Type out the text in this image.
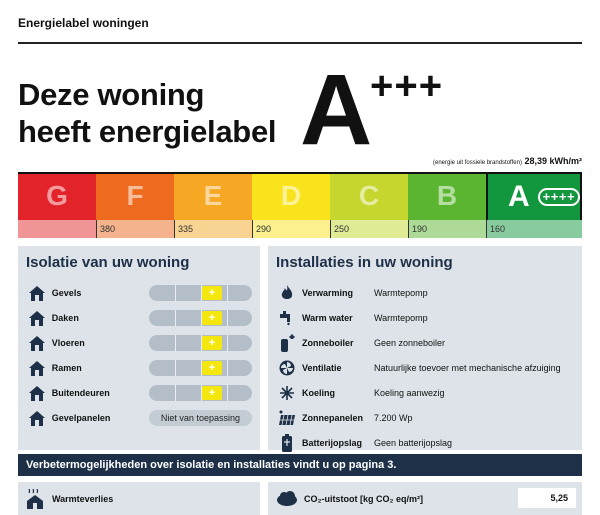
Energielabel woningen
Deze woning
heeft energielabel A +++
(energie uit fossiele brandstoffen) 28,39 kWh/m²
G	F
380
E
335
D
290
C
250
B
190
A	++++
160
Isolatie van uw woning
Gevels	+
Daken	+
Vloeren	+
Ramen	+
Buitendeuren	+
Gevelpanelen	Niet van toepassing
Installaties in uw woning
Verwarming	Warmtepomp
Warm water	Warmtepomp
Zonneboiler	Geen zonneboiler
Ventilatie	Natuurlijke toevoer met mechanische afzuiging
Koeling	Koeling aanwezig
Zonnepanelen	7.200 Wp
Batterijopslag	Geen batterijopslag
Verbetermogelijkheden over isolatie en installaties vindt u op pagina 3.
Warmteverlies	CO₂-uitstoot [kg CO₂ eq/m²]	5,25
